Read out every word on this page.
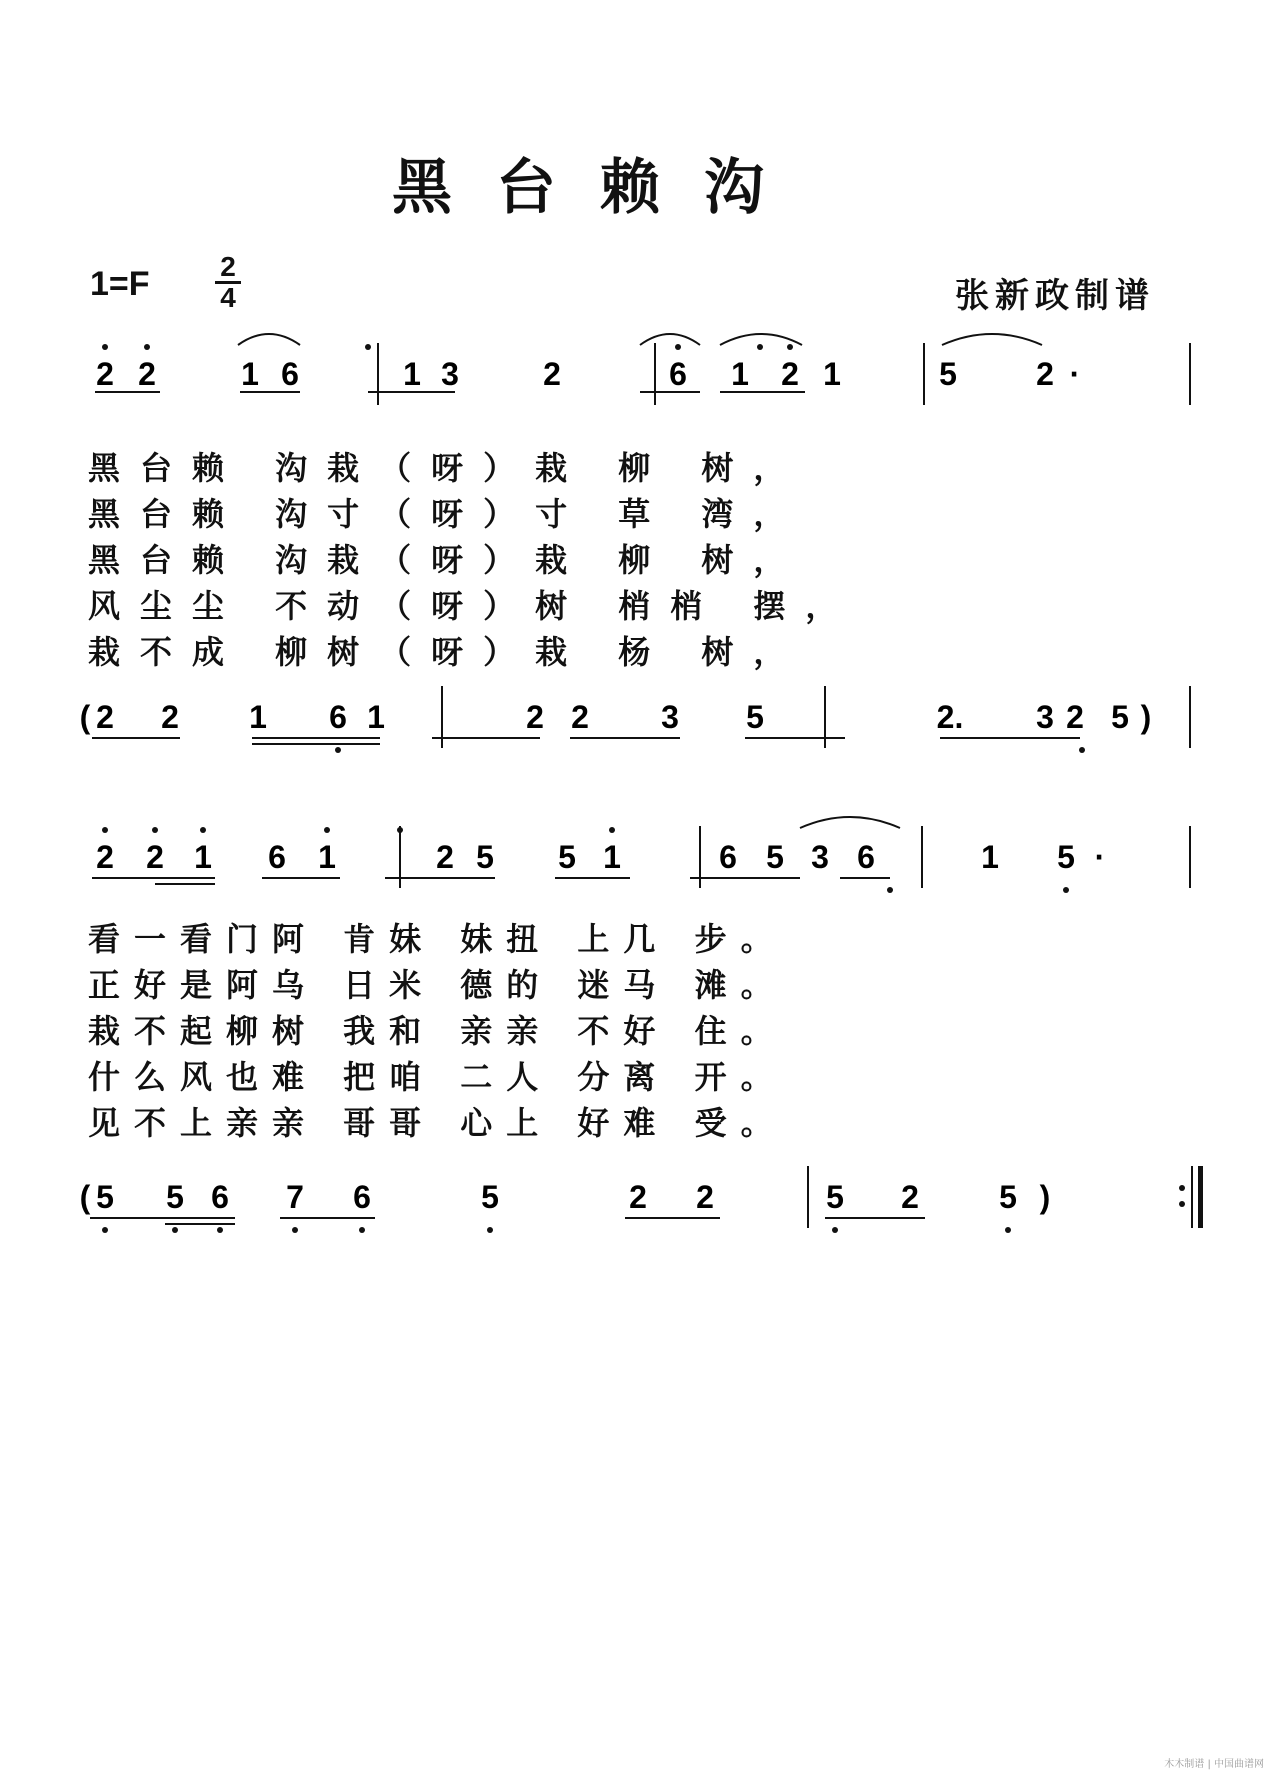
黑台赖沟
1=F	2
4	张新政制谱
2 2	1 6	1 3	2	6 1 2 1	5 2 ·
( 2 2 1 6 1	2 2 3 5	2. 3 2 5 )
2 2 1 6 1	2 5 5 1	6 5 3 6	1 5 ·
( 5 5 6 7 6	5	2 2	5 2	5 )
黑台赖 沟栽（呀）栽 柳 树，
黑台赖 沟寸（呀）寸 草 湾，
黑台赖 沟栽（呀）栽 柳 树，
风尘尘 不动（呀）树 梢梢 摆，
栽不成 柳树（呀）栽 杨 树，
看一看门阿 肯妹 妹扭 上几 步。
正好是阿乌 日米 德的 迷马 滩。
栽不起柳树 我和 亲亲 不好 住。
什么风也难 把咱 二人 分离 开。
见不上亲亲 哥哥 心上 好难 受。
木木制谱 | 中国曲谱网
